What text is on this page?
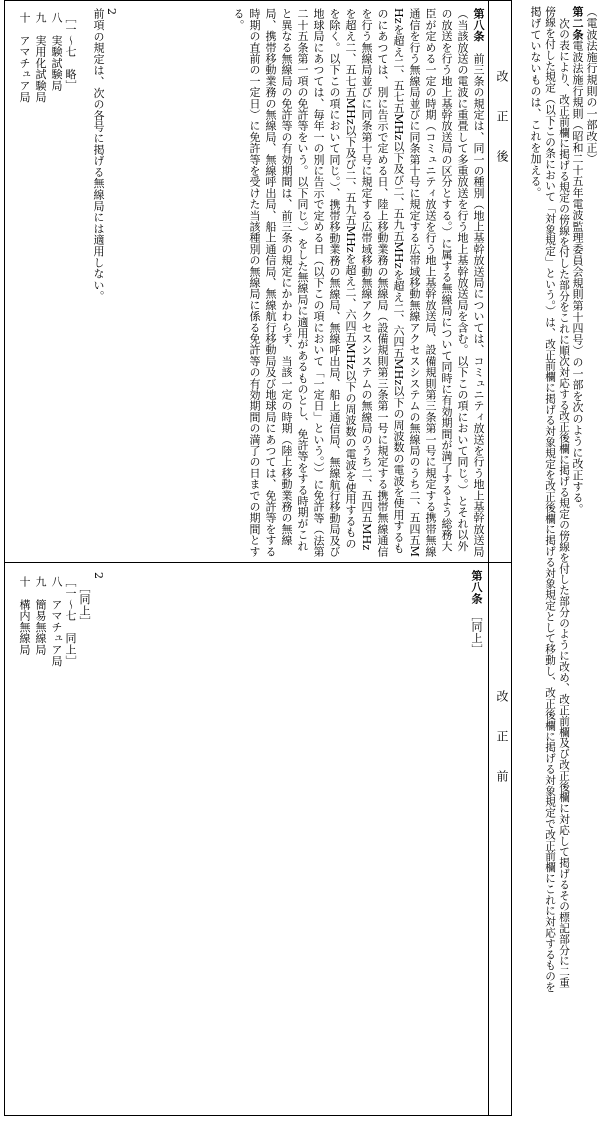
（電波法施行規則の一部改正）
第二条電波法施行規則（昭和二十五年電波監理委員会規則第十四号）の一部を次のように改正する。
次の表により、改正前欄に掲げる規定の傍線を付した部分をこれに順次対応する改正後欄に掲げる規定の傍線を付した部分のように改め、改正前欄及び改正後欄に対応して掲げるその標記部分に二重
傍線を付した規定（以下この条において「対象規定」という。）は、改正前欄に掲げる対象規定を改正後欄に掲げる対象規定として移動し、改正後欄に掲げる対象規定で改正前欄にこれに対応するものを
掲げていないものは、これを加える。
改正後
改正前
第八条　前三条の規定は、同一の種別（地上基幹放送局については、コミュニティ放送を行う地上基幹放送局（当該放送の電波に重畳して多重放送を行う地上基幹放送局を含む。以下この項において同じ。）とそれ以外の放送を行う地上基幹放送局の区分とする。）に属する無線局について同時に有効期間が満了するよう総務大臣が定める一定の時期（コミュニティ放送を行う地上基幹放送局、設備規則第三条第一号に規定する携帯無線通信を行う無線局並びに同条第十号に規定する広帯域移動無線アクセスシステムの無線局のうち二、五四五MHzを超え二、五七五MHz以下及び二、五九五MHzを超え二、六四五MHz以下の周波数の電波を使用するものにあつては、別に告示で定める日、陸上移動業務の無線局（設備規則第三条第一号に規定する携帯無線通信を行う無線局並びに同条第十号に規定する広帯域移動無線アクセスシステムの無線局のうち二、五四五MHzを超え二、五七五MHz以下及び二、五九五MHzを超え二、六四五MHz以下の周波数の電波を使用するものを除く。以下この項において同じ。）、携帯移動業務の無線局、無線呼出局、船上通信局、無線航行移動局及び地球局にあつては、毎年一の別に告示で定める日（以下この項において「一定日」という。））に免許等（法第二十五条第一項の免許等をいう。以下同じ。）をした無線局に適用があるものとし、免許等をする時期がこれと異なる無線局の免許等の有効期間は、前三条の規定にかかわらず、当該一定の時期（陸上移動業務の無線局、携帯移動業務の無線局、無線呼出局、船上通信局、無線航行移動局及び地球局にあつては、免許等をする時期の直前の一定日）に免許等を受けた当該種別の無線局に係る免許等の有効期間の満了の日までの期間とする。
2
前項の規定は、次の各号に掲げる無線局には適用しない。
［一～七　略］
八　実験試験局
九　実用化試験局
十　アマチュア局
第八条　［同上］
2
［同上］
［一～七　同上］
八　アマチュア局
九　簡易無線局
十　構内無線局
